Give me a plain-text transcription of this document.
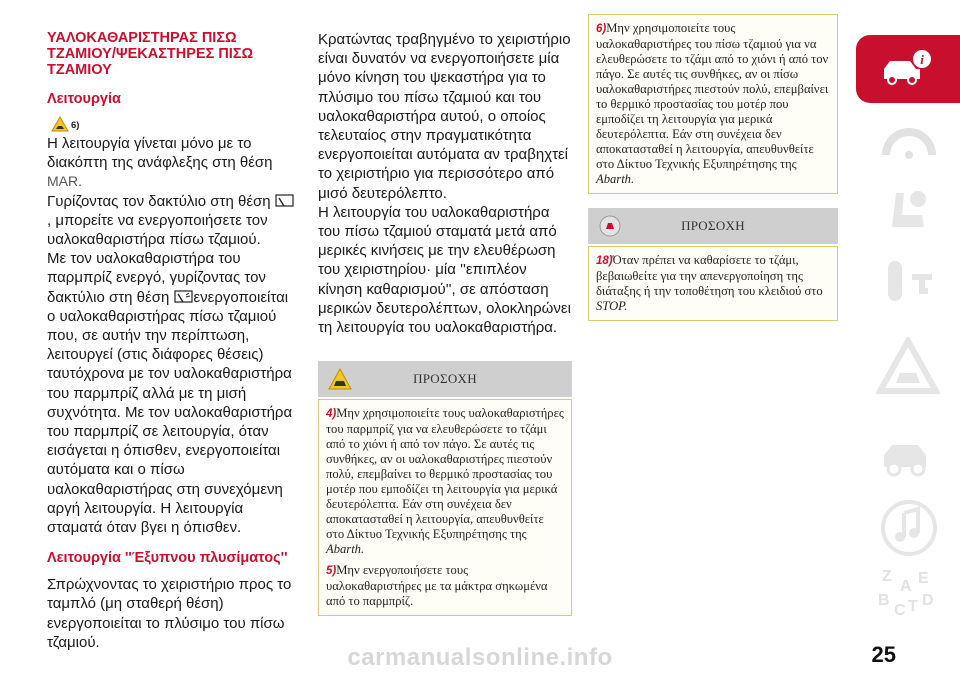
ΥΑΛΟΚΑΘΑΡΙΣΤΗΡΑΣ ΠΙΣΩ ΤΖΑΜΙΟΥ/ΨΕΚΑΣΤΗΡΕΣ ΠΙΣΩ ΤΖΑΜΙΟΥ
Λειτουργία
6)

Η λειτουργία γίνεται μόνο με το διακόπτη της ανάφλεξης στη θέση
MAR.

Γυρίζοντας τον δακτύλιο στη θέση , μπορείτε να ενεργοποιήσετε τον υαλοκαθαριστήρα πίσω τζαμιού.

Με τον υαλοκαθαριστήρα του παρμπρίζ ενεργό, γυρίζοντας τον δακτύλιο στη θέση ενεργοποιείται ο υαλοκαθαριστήρας πίσω τζαμιού που, σε αυτήν την περίπτωση, λειτουργεί (στις διάφορες θέσεις) ταυτόχρονα με τον υαλοκαθαριστήρα του παρμπρίζ αλλά με τη μισή συχνότητα. Με τον υαλοκαθαριστήρα του παρμπρίζ σε λειτουργία, όταν εισάγεται η όπισθεν, ενεργοποιείται αυτόματα και ο πίσω υαλοκαθαριστήρας στη συνεχόμενη αργή λειτουργία. Η λειτουργία σταματά όταν βγει η όπισθεν.

Λειτουργία ''Έξυπνου πλυσίματος''
Σπρώχνοντας το χειριστήριο προς το ταμπλό (μη σταθερή θέση) ενεργοποιείται το πλύσιμο του πίσω τζαμιού.

Κρατώντας τραβηγμένο το χειριστήριο είναι δυνατόν να ενεργοποιήσετε μία μόνο κίνηση του ψεκαστήρα για το πλύσιμο του πίσω τζαμιού και του υαλοκαθαριστήρα αυτού, ο οποίος τελευταίος στην πραγματικότητα ενεργοποιείται αυτόματα αν τραβηχτεί το χειριστήριο για περισσότερο από μισό δευτερόλεπτο.

Η λειτουργία του υαλοκαθαριστήρα του πίσω τζαμιού σταματά μετά από μερικές κινήσεις με την ελευθέρωση του χειριστηρίου· μία ''επιπλέον κίνηση καθαρισμού'', σε απόσταση μερικών δευτερολέπτων, ολοκληρώνει τη λειτουργία του υαλοκαθαριστήρα.

ΠΡΟΣΟΧΗ

4)Μην χρησιμοποιείτε τους υαλοκαθαριστήρες του παρμπρίζ για να ελευθερώσετε το τζάμι από το χιόνι ή από τον πάγο. Σε αυτές τις συνθήκες, αν οι υαλοκαθαριστήρες πιεστούν πολύ, επεμβαίνει το θερμικό προστασίας του μοτέρ που εμποδίζει τη λειτουργία για μερικά δευτερόλεπτα. Εάν στη συνέχεια δεν αποκατασταθεί η λειτουργία, απευθυνθείτε στο Δίκτυο Τεχνικής Εξυπηρέτησης της Abarth.

5)Μην ενεργοποιήσετε τους υαλοκαθαριστήρες με τα μάκτρα σηκωμένα από το παρμπρίζ.

6)Μην χρησιμοποιείτε τους υαλοκαθαριστήρες του πίσω τζαμιού για να ελευθερώσετε το τζάμι από το χιόνι ή από τον πάγο. Σε αυτές τις συνθήκες, αν οι πίσω υαλοκαθαριστήρες πιεστούν πολύ, επεμβαίνει το θερμικό προστασίας του μοτέρ που εμποδίζει τη λειτουργία για μερικά δευτερόλεπτα. Εάν στη συνέχεια δεν αποκατασταθεί η λειτουργία, απευθυνθείτε στο Δίκτυο Τεχνικής Εξυπηρέτησης της Abarth.

ΠΡΟΣΟΧΗ

18)Όταν πρέπει να καθαρίσετε το τζάμι, βεβαιωθείτε για την απενεργοποίηση της διάταξης ή την τοποθέτηση του κλειδιού στο STOP.

i
Z
A E
B
C T D
25
carmanualsonline.info
